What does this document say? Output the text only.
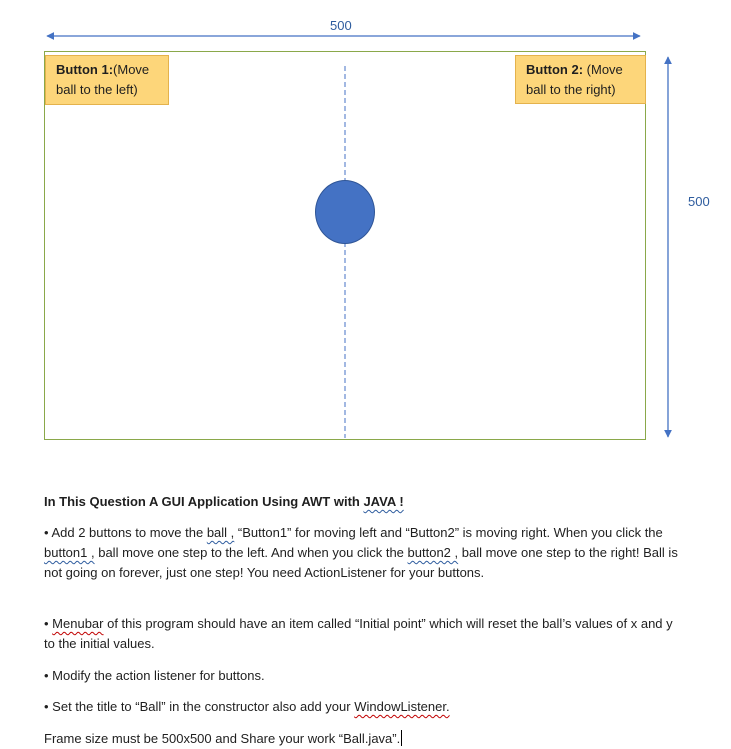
500
500
Button 1:(Move ball to the left)
Button 2: (Move ball to the right)
In This Question A GUI Application Using AWT with JAVA !
• Add 2 buttons to move the ball , “Button1” for moving left and “Button2” is moving right. When you click the button1 , ball move one step to the left. And when you click the button2 , ball move one step to the right! Ball is not going on forever, just one step! You need ActionListener for your buttons.
• Menubar of this program should have an item called “Initial point” which will reset the ball’s values of x and y to the initial values.
• Modify the action listener for buttons.
• Set the title to “Ball” in the constructor also add your WindowListener.
Frame size must be 500x500 and Share your work “Ball.java”.
